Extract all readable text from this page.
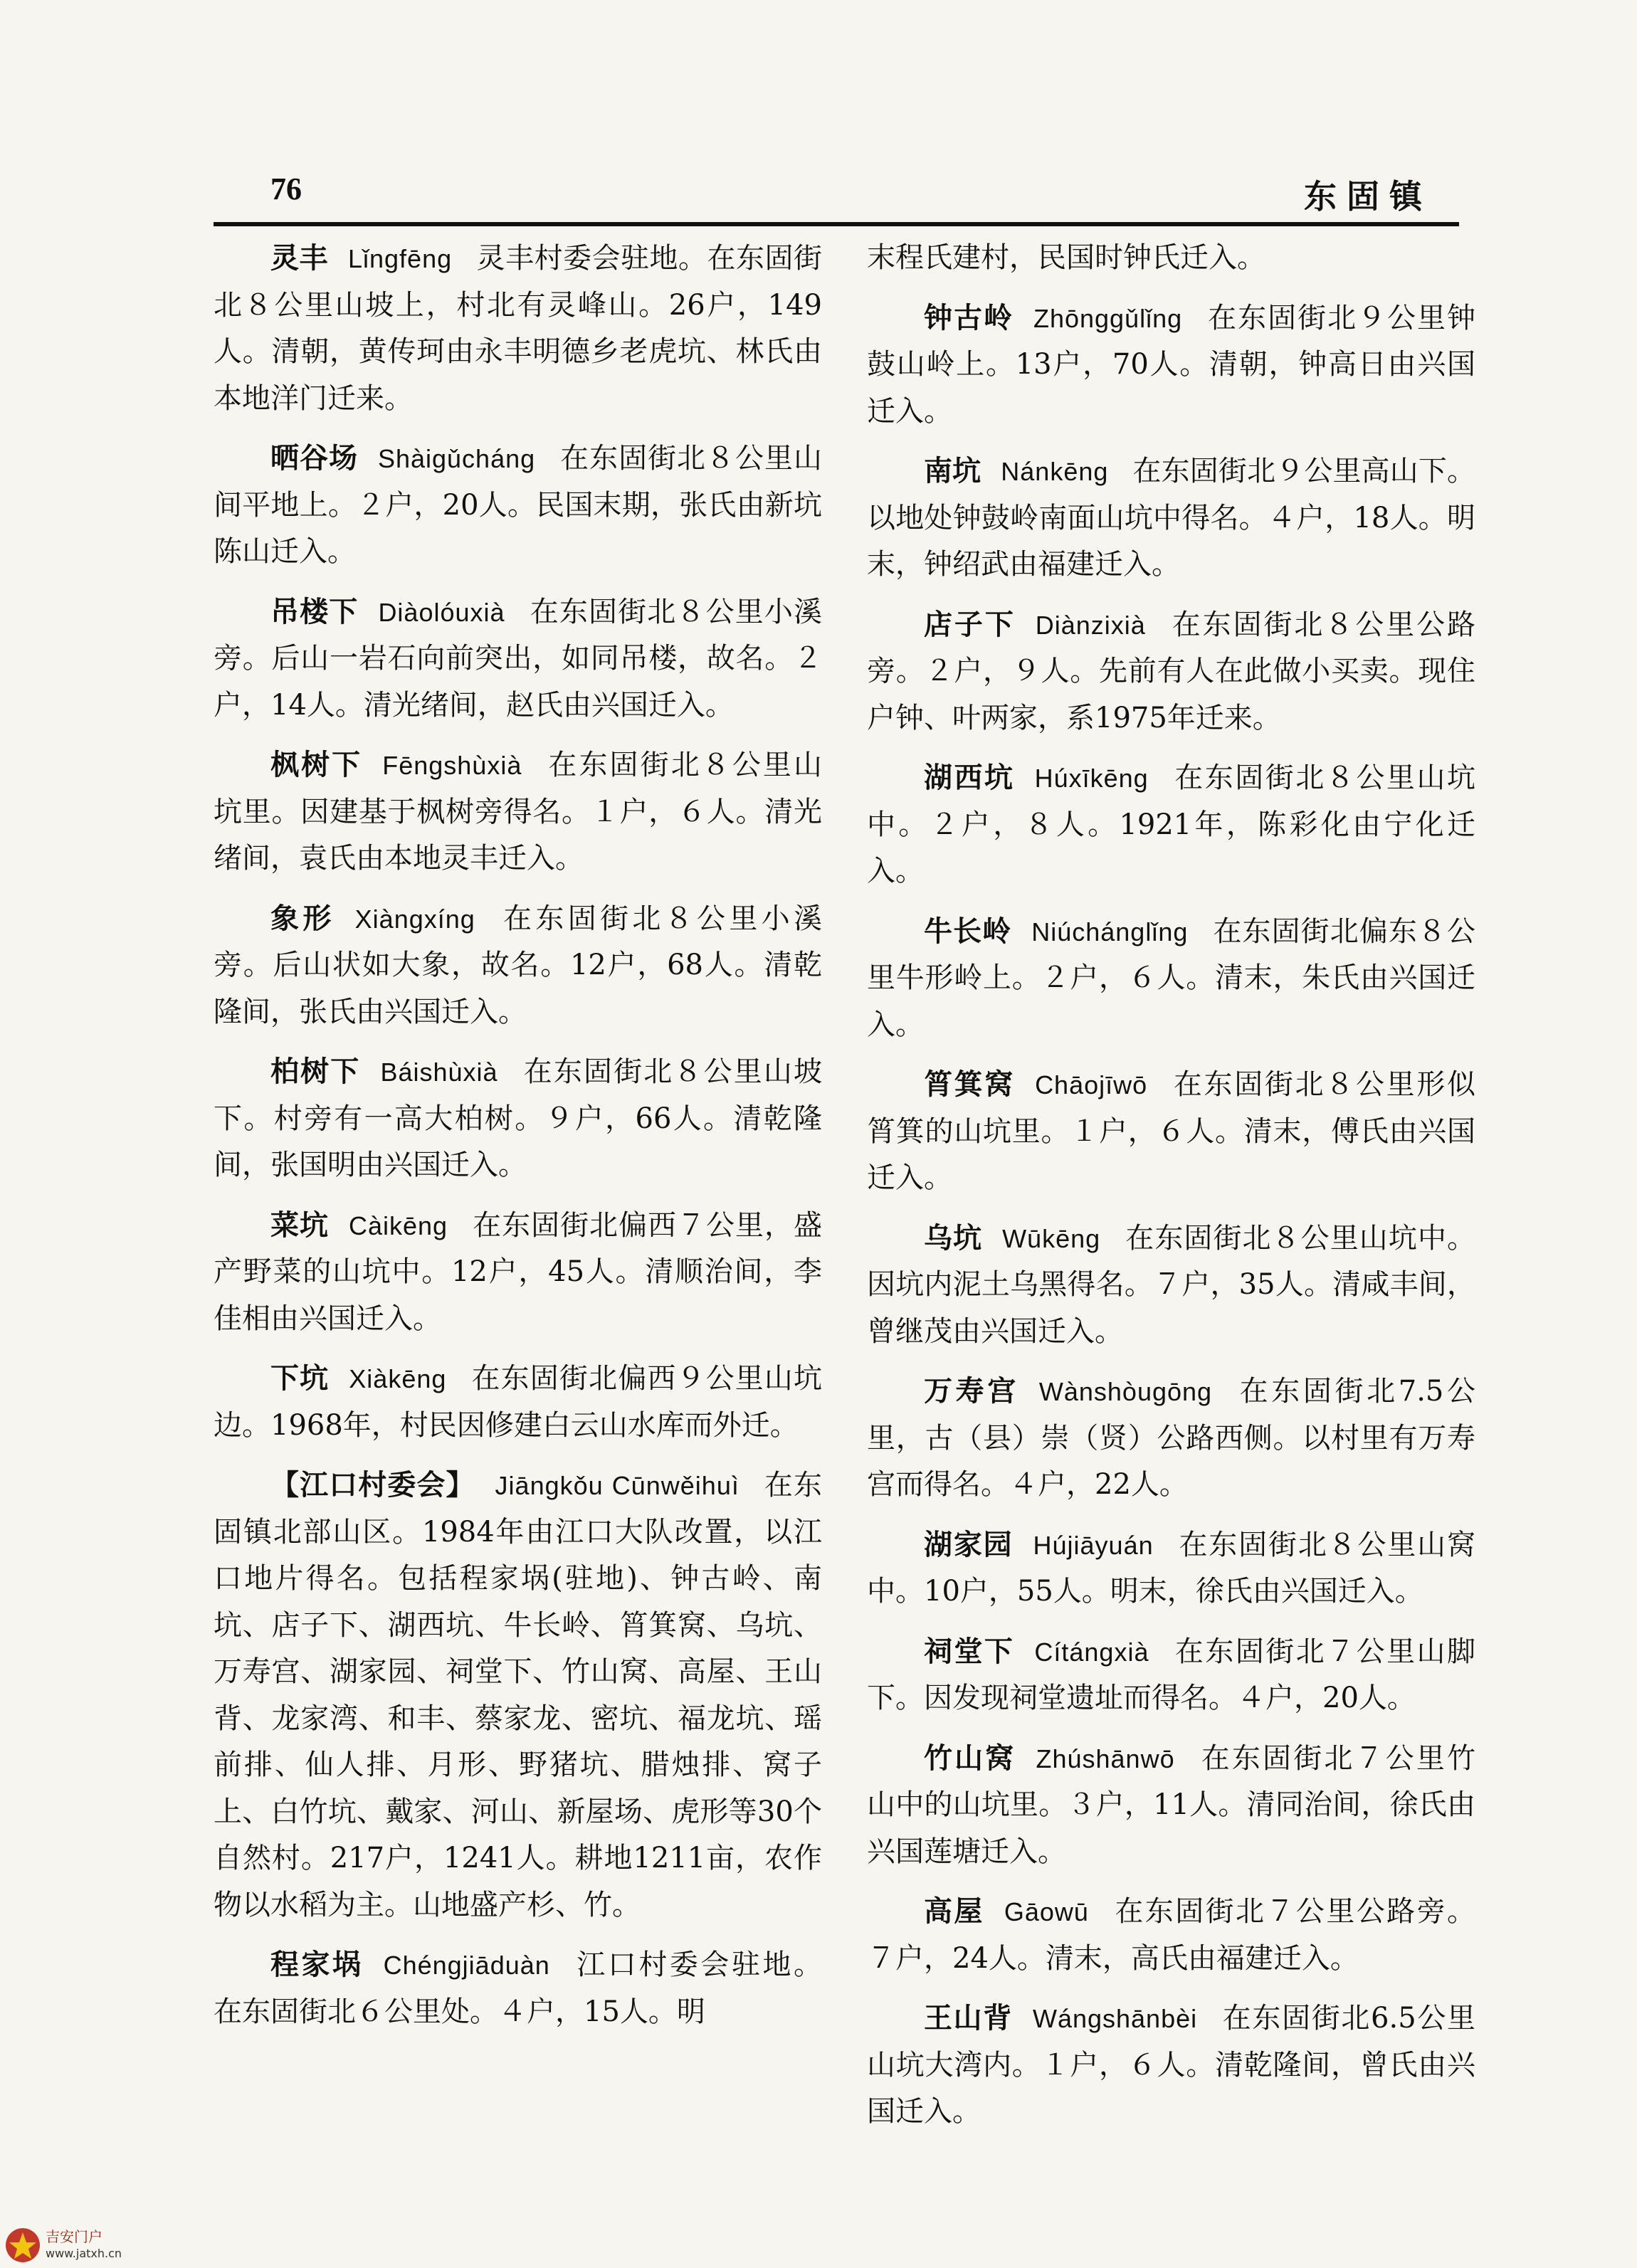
76	东固镇

灵丰 Lǐngfēng 灵丰村委会驻地。在东固街北８公里山坡上，村北有灵峰山。26户，149人。清朝，黄传珂由永丰明德乡老虎坑、林氏由本地洋门迁来。

晒谷场 Shàigǔcháng 在东固街北８公里山间平地上。２户，20人。民国末期，张氏由新坑陈山迁入。

吊楼下 Diàolóuxià 在东固街北８公里小溪旁。后山一岩石向前突出，如同吊楼，故名。２户，14人。清光绪间，赵氏由兴国迁入。

枫树下 Fēngshùxià 在东固街北８公里山坑里。因建基于枫树旁得名。１户，６人。清光绪间，袁氏由本地灵丰迁入。

象形 Xiàngxíng 在东固街北８公里小溪旁。后山状如大象，故名。12户，68人。清乾隆间，张氏由兴国迁入。

柏树下 Báishùxià 在东固街北８公里山坡下。村旁有一高大柏树。９户，66人。清乾隆间，张国明由兴国迁入。

菜坑 Càikēng 在东固街北偏西７公里，盛产野菜的山坑中。12户，45人。清顺治间，李佳相由兴国迁入。

下坑 Xiàkēng 在东固街北偏西９公里山坑边。1968年，村民因修建白云山水库而外迁。

【江口村委会】 Jiāngkǒu Cūnwěihuì 在东固镇北部山区。1984年由江口大队改置，以江口地片得名。包括程家埚(驻地)、钟古岭、南坑、店子下、湖西坑、牛长岭、筲箕窝、乌坑、万寿宫、湖家园、祠堂下、竹山窝、高屋、王山背、龙家湾、和丰、蔡家龙、密坑、福龙坑、瑶前排、仙人排、月形、野猪坑、腊烛排、窝子上、白竹坑、戴家、河山、新屋场、虎形等30个自然村。217户，1241人。耕地1211亩，农作物以水稻为主。山地盛产杉、竹。

程家埚 Chéngjiāduàn 江口村委会驻地。在东固街北６公里处。４户，15人。明

末程氏建村，民国时钟氏迁入。

钟古岭 Zhōnggǔlǐng 在东固街北９公里钟鼓山岭上。13户，70人。清朝，钟高日由兴国迁入。

南坑 Nánkēng 在东固街北９公里高山下。以地处钟鼓岭南面山坑中得名。４户，18人。明末，钟绍武由福建迁入。

店子下 Diànzixià 在东固街北８公里公路旁。２户，９人。先前有人在此做小买卖。现住户钟、叶两家，系1975年迁来。

湖西坑 Húxīkēng 在东固街北８公里山坑中。２户，８人。1921年，陈彩化由宁化迁入。

牛长岭 Niúchánglǐng 在东固街北偏东８公里牛形岭上。２户，６人。清末，朱氏由兴国迁入。

筲箕窝 Chāojīwō 在东固街北８公里形似筲箕的山坑里。１户，６人。清末，傅氏由兴国迁入。

乌坑 Wūkēng 在东固街北８公里山坑中。因坑内泥土乌黑得名。７户，35人。清咸丰间，曾继茂由兴国迁入。

万寿宫 Wànshòugōng 在东固街北7.5公里，古（县）崇（贤）公路西侧。以村里有万寿宫而得名。４户，22人。

湖家园 Hújiāyuán 在东固街北８公里山窝中。10户，55人。明末，徐氏由兴国迁入。

祠堂下 Cítángxià 在东固街北７公里山脚下。因发现祠堂遗址而得名。４户，20人。

竹山窝 Zhúshānwō 在东固街北７公里竹山中的山坑里。３户，11人。清同治间，徐氏由兴国莲塘迁入。

高屋 Gāowū 在东固街北７公里公路旁。７户，24人。清末，高氏由福建迁入。

王山背 Wángshānbèi 在东固街北6.5公里山坑大湾内。１户，６人。清乾隆间，曾氏由兴国迁入。

吉安门户
www.jatxh.cn
